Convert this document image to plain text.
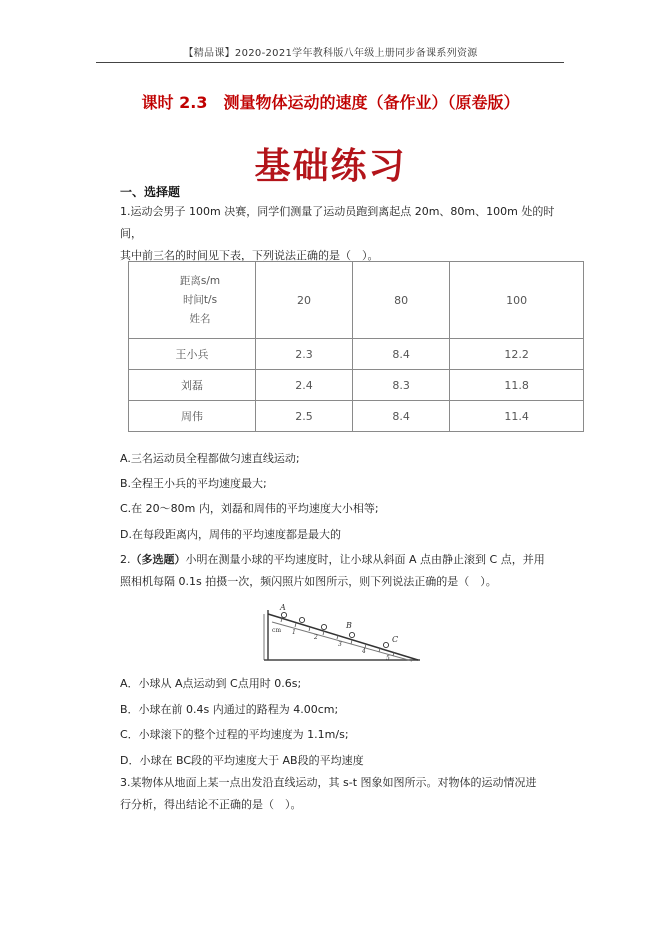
【精品课】2020-2021学年教科版八年级上册同步备课系列资源
课时 2.3　测量物体运动的速度（备作业）（原卷版）
基础练习
一、选择题
1.运动会男子 100m 决赛，同学们测量了运动员跑到离起点 20m、80m、100m 处的时间，
其中前三名的时间见下表，下列说法正确的是（　）。
距离s/m
时间t/s
姓名	20	80	100
王小兵	2.3	8.4	12.2
刘磊	2.4	8.3	11.8
周伟	2.5	8.4	11.4
A.三名运动员全程都做匀速直线运动;
B.全程王小兵的平均速度最大;
C.在 20～80m 内，刘磊和周伟的平均速度大小相等;
D.在每段距离内，周伟的平均速度都是最大的
2.（多选题）小明在测量小球的平均速度时，让小球从斜面 A 点由静止滚到 C 点，并用
照相机每隔 0.1s 拍摄一次，频闪照片如图所示，则下列说法正确的是（　）。
A
B
C
cm 1
2
3
4
5
A．小球从 A点运动到 C点用时 0.6s;
B．小球在前 0.4s 内通过的路程为 4.00cm;
C．小球滚下的整个过程的平均速度为 1.1m/s;
D．小球在 BC段的平均速度大于 AB段的平均速度
3.某物体从地面上某一点出发沿直线运动，其 s-t 图象如图所示。对物体的运动情况进
行分析，得出结论不正确的是（　）。
